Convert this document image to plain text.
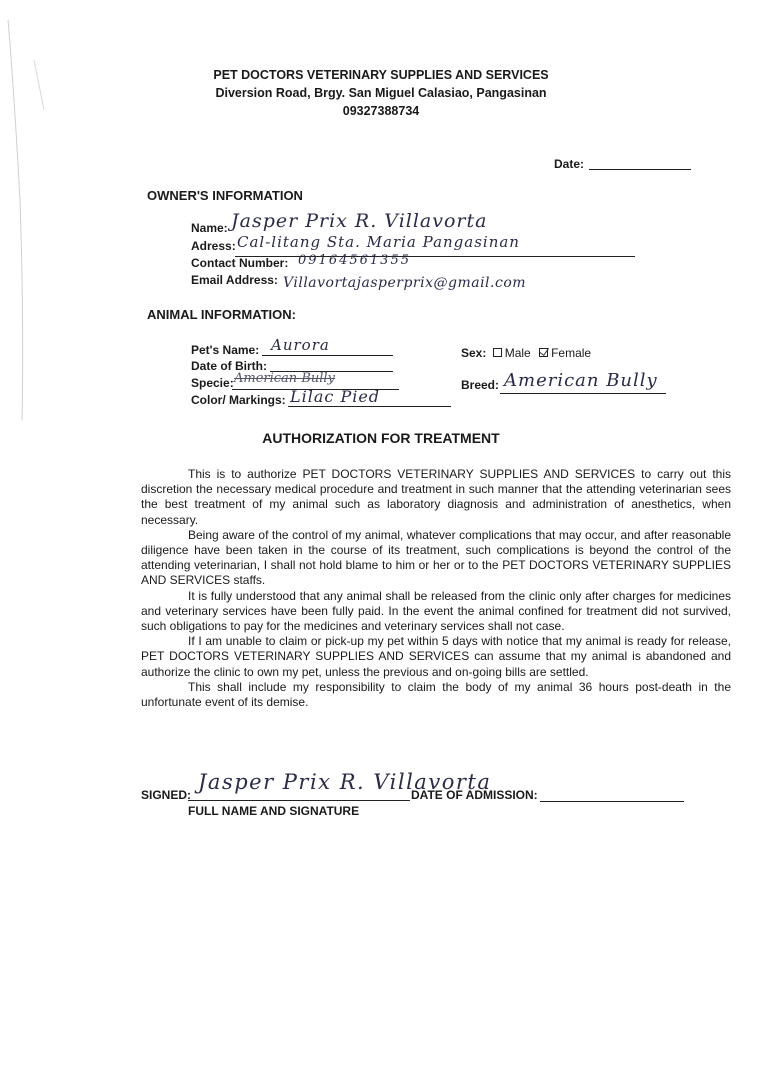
PET DOCTORS VETERINARY SUPPLIES AND SERVICES
Diversion Road, Brgy. San Miguel Calasiao, Pangasinan
09327388734
Date:
OWNER'S INFORMATION
Name: Jasper Prix R. Villavorta
Adress: Cal-litang Sta. Maria Pangasinan
Contact Number: 09164561355
Email Address: Villavortajasperprix@gmail.com
ANIMAL INFORMATION:
Pet's Name: Aurora
Date of Birth:
Specie: American Bully
Color/ Markings: Lilac Pied
Sex: Male Female
Breed: American Bully
AUTHORIZATION FOR TREATMENT

This is to authorize PET DOCTORS VETERINARY SUPPLIES AND SERVICES to carry out this discretion the necessary medical procedure and treatment in such manner that the attending veterinarian sees the best treatment of my animal such as laboratory diagnosis and administration of anesthetics, when necessary.

Being aware of the control of my animal, whatever complications that may occur, and after reasonable diligence have been taken in the course of its treatment, such complications is beyond the control of the attending veterinarian, I shall not hold blame to him or her or to the PET DOCTORS VETERINARY SUPPLIES AND SERVICES staffs.

It is fully understood that any animal shall be released from the clinic only after charges for medicines and veterinary services have been fully paid. In the event the animal confined for treatment did not survived, such obligations to pay for the medicines and veterinary services shall not case.

If I am unable to claim or pick-up my pet within 5 days with notice that my animal is ready for release, PET DOCTORS VETERINARY SUPPLIES AND SERVICES can assume that my animal is abandoned and authorize the clinic to own my pet, unless the previous and on-going bills are settled.

This shall include my responsibility to claim the body of my animal 36 hours post-death in the unfortunate event of its demise.

SIGNED:
Jasper Prix R. Villavorta
FULL NAME AND SIGNATURE
DATE OF ADMISSION:
